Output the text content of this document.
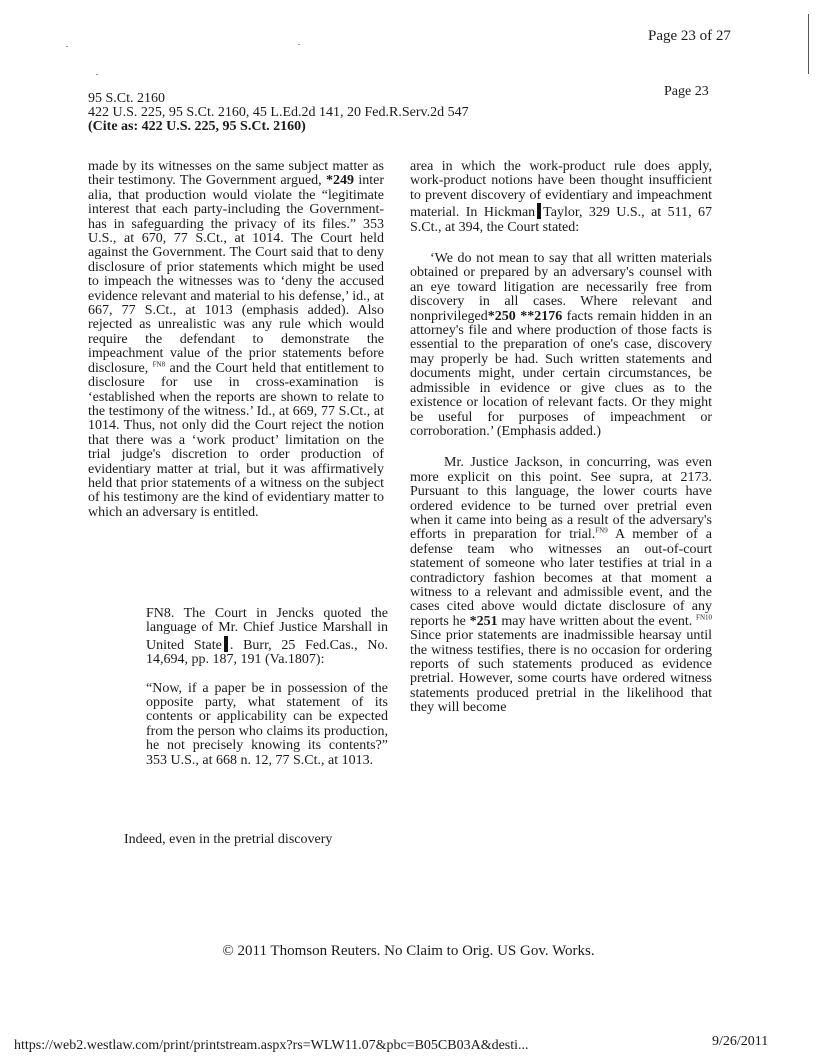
Page 23 of 27
Page 23
95 S.Ct. 2160
422 U.S. 225, 95 S.Ct. 2160, 45 L.Ed.2d 141, 20 Fed.R.Serv.2d 547
(Cite as: 422 U.S. 225, 95 S.Ct. 2160)

made by its witnesses on the same subject matter as their testimony. The Government argued, *249 inter alia, that production would violate the “legitimate interest that each party-including the Government-has in safeguarding the privacy of its files.” 353 U.S., at 670, 77 S.Ct., at 1014. The Court held against the Government. The Court said that to deny disclosure of prior statements which might be used to impeach the witnesses was to ‘deny the accused evidence relevant and material to his defense,’ id., at 667, 77 S.Ct., at 1013 (emphasis added). Also rejected as unrealistic was any rule which would require the defendant to demonstrate the impeachment value of the prior statements before disclosure, $^{FN8}$ and the Court held that entitlement to disclosure for use in cross-examination is ‘established when the reports are shown to relate to the testimony of the witness.’ Id., at 669, 77 S.Ct., at 1014. Thus, not only did the Court reject the notion that there was a ‘work product’ limitation on the trial judge's discretion to order production of evidentiary matter at trial, but it was affirmatively held that prior statements of a witness on the subject of his testimony are the kind of evidentiary matter to which an adversary is entitled.

FN8. The Court in Jencks quoted the language of Mr. Chief Justice Marshall in United State . Burr, 25 Fed.Cas., No. 14,694, pp. 187, 191 (Va.1807):

“Now, if a paper be in possession of the opposite party, what statement of its contents or applicability can be expected from the person who claims its production, he not precisely knowing its contents?” 353 U.S., at 668 n. 12, 77 S.Ct., at 1013.

Indeed, even in the pretrial discovery

area in which the work-product rule does apply, work-product notions have been thought insufficient to prevent discovery of evidentiary and impeachment material. In Hickman Taylor, 329 U.S., at 511, 67 S.Ct., at 394, the Court stated:

‘We do not mean to say that all written materials obtained or prepared by an adversary's counsel with an eye toward litigation are necessarily free from discovery in all cases. Where relevant and nonprivileged*250 **2176 facts remain hidden in an attorney's file and where production of those facts is essential to the preparation of one's case, discovery may properly be had. Such written statements and documents might, under certain circumstances, be admissible in evidence or give clues as to the existence or location of relevant facts. Or they might be useful for purposes of impeachment or corroboration.’ (Emphasis added.)

Mr. Justice Jackson, in concurring, was even more explicit on this point. See supra, at 2173. Pursuant to this language, the lower courts have ordered evidence to be turned over pretrial even when it came into being as a result of the adversary's efforts in preparation for trial.$^{FN9}$ A member of a defense team who witnesses an out-of-court statement of someone who later testifies at trial in a contradictory fashion becomes at that moment a witness to a relevant and admissible event, and the cases cited above would dictate disclosure of any reports he *251 may have written about the event. $^{FN10}$ Since prior statements are inadmissible hearsay until the witness testifies, there is no occasion for ordering reports of such statements produced as evidence pretrial. However, some courts have ordered witness statements produced pretrial in the likelihood that they will become

© 2011 Thomson Reuters. No Claim to Orig. US Gov. Works.
https://web2.westlaw.com/print/printstream.aspx?rs=WLW11.07&pbc=B05CB03A&desti...	9/26/2011
